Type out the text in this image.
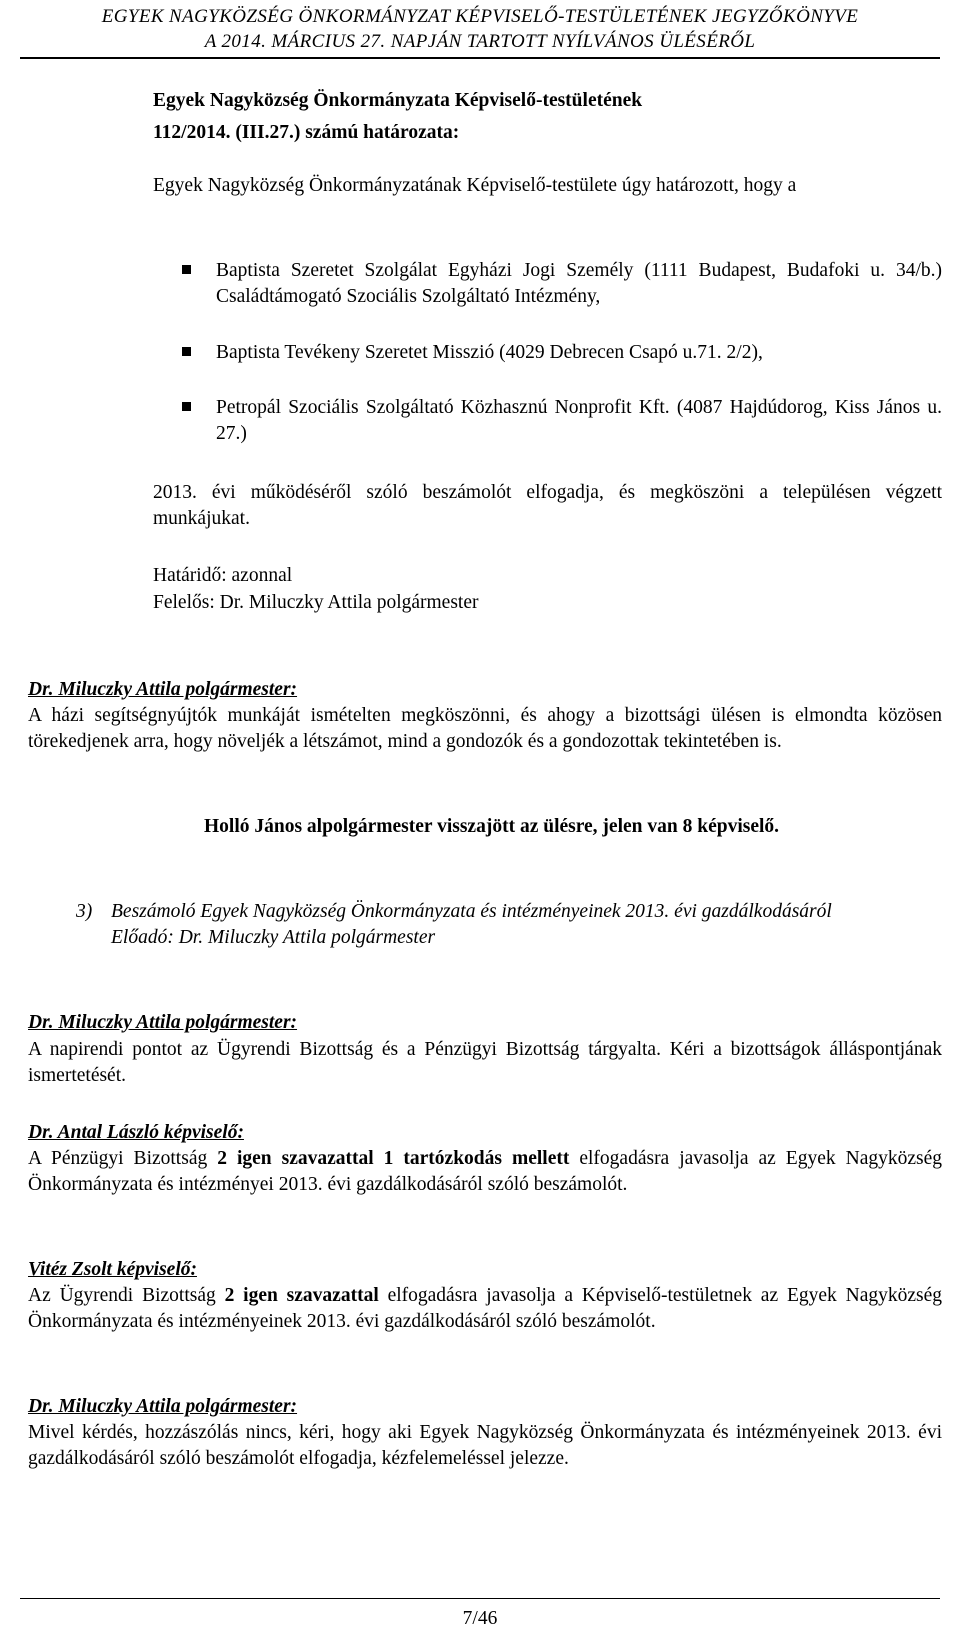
EGYEK NAGYKÖZSÉG ÖNKORMÁNYZAT KÉPVISELŐ-TESTÜLETÉNEK JEGYZŐKÖNYVE
A 2014. MÁRCIUS 27. NAPJÁN TARTOTT NYÍLVÁNOS ÜLÉSÉRŐL

Egyek Nagyközség Önkormányzata Képviselő-testületének

112/2014. (III.27.) számú határozata:

Egyek Nagyközség Önkormányzatának Képviselő-testülete úgy határozott, hogy a

Baptista Szeretet Szolgálat Egyházi Jogi Személy (1111 Budapest, Budafoki u. 34/b.) Családtámogató Szociális Szolgáltató Intézmény,
Baptista Tevékeny Szeretet Misszió (4029 Debrecen Csapó u.71. 2/2),
Petropál Szociális Szolgáltató Közhasznú Nonprofit Kft. (4087 Hajdúdorog, Kiss János u. 27.)

2013. évi működéséről szóló beszámolót elfogadja, és megköszöni a településen végzett munkájukat.

Határidő: azonnal

Felelős: Dr. Miluczky Attila polgármester

Dr. Miluczky Attila polgármester:

A házi segítségnyújtók munkáját ismételten megköszönni, és ahogy a bizottsági ülésen is elmondta közösen törekedjenek arra, hogy növeljék a létszámot, mind a gondozók és a gondozottak tekintetében is.

Holló János alpolgármester visszajött az ülésre, jelen van 8 képviselő.

3) Beszámoló Egyek Nagyközség Önkormányzata és intézményeinek 2013. évi gazdálkodásáról
Előadó: Dr. Miluczky Attila polgármester

Dr. Miluczky Attila polgármester:

A napirendi pontot az Ügyrendi Bizottság és a Pénzügyi Bizottság tárgyalta. Kéri a bizottságok álláspontjának ismertetését.

Dr. Antal László képviselő:

A Pénzügyi Bizottság 2 igen szavazattal 1 tartózkodás mellett elfogadásra javasolja az Egyek Nagyközség Önkormányzata és intézményei 2013. évi gazdálkodásáról szóló beszámolót.

Vitéz Zsolt képviselő:

Az Ügyrendi Bizottság 2 igen szavazattal elfogadásra javasolja a Képviselő-testületnek az Egyek Nagyközség Önkormányzata és intézményeinek 2013. évi gazdálkodásáról szóló beszámolót.

Dr. Miluczky Attila polgármester:

Mivel kérdés, hozzászólás nincs, kéri, hogy aki Egyek Nagyközség Önkormányzata és intézményeinek 2013. évi gazdálkodásáról szóló beszámolót elfogadja, kézfelemeléssel jelezze.

7/46
